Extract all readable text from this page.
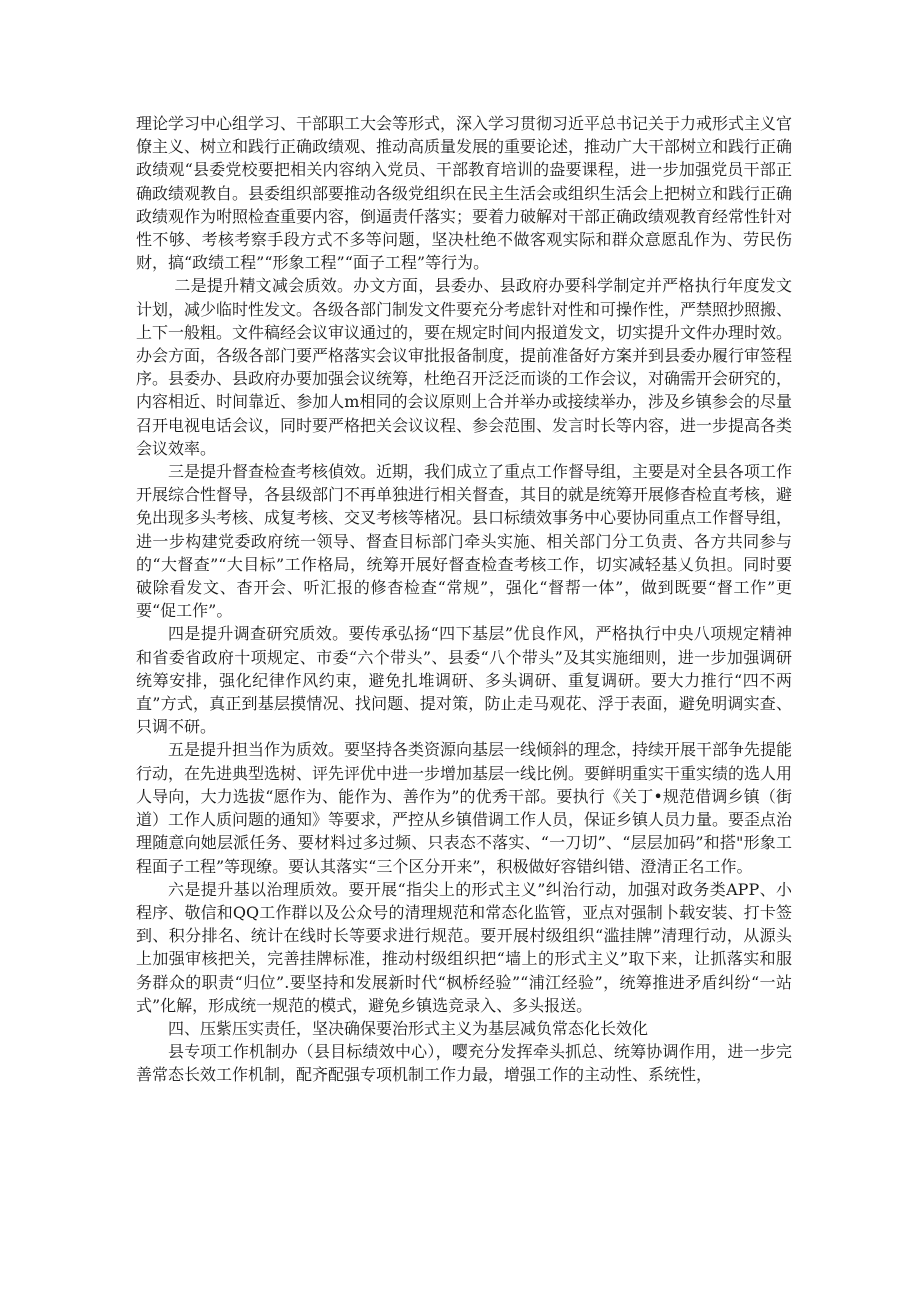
理论学习中心组学习、干部职工大会等形式，深入学习贯彻习近平总书记关于力戒形式主义官僚主义、树立和践行正确政绩观、推动高质量发展的重要论述，推动广大干部树立和践行正确政绩观“县委党校要把相关内容纳入党员、干部教育培训的盎要课程，进一步加强党员干部正确政绩观教自。县委组织部要推动各级党组织在民主生活会或组织生活会上把树立和践行正确政绩观作为咐照检查重要内容，倒逼责仟落实；要着力破解对干部正确政绩观教育经常性针对性不够、考核考察手段方式不多等问题，坚决杜绝不做客观实际和群众意愿乱作为、劳民伤财，搞“政绩工程”“形象工程”“面子工程”等行为。

二是提升精文减会质效。办文方面，县委办、县政府办要科学制定并严格执行年度发文计划，减少临时性发文。各级各部门制发文件要充分考虑针对性和可操作性，严禁照抄照搬、上下一般粗。文件稿经会议审议通过的，要在规定时间内报道发文，切实提升文件办理时效。办会方面，各级各部门要严格落实会议审批报备制度，提前准备好方案并到县委办履行审签程序。县委办、县政府办要加强会议统筹，杜绝召开泛泛而谈的工作会议，对确需开会研究的，内容相近、时间靠近、参加人m相同的会议原则上合并举办或接续举办，涉及乡镇参会的尽量召开电视电话会议，同时要严格把关会议议程、参会范围、发言时长等内容，进一步提高各类会议效率。

三是提升督查检查考核偵效。近期，我们成立了重点工作督导组，主要是对全县各项工作开展综合性督导，各县级部门不再单独进行相关督查，其目的就是统筹开展修杳检直考核，避免出现多头考核、成复考核、交叉考核等楮况。县口标绩效事务中心要协同重点工作督导组，进一步构建党委政府统一领导、督查目标部门牵头实施、相关部门分工负责、各方共同参与的“大督查”“大目标”工作格局，统筹开展好督查检查考核工作，切实减轻基乂负担。同时要破除看发文、杳开会、听汇报的修杳检查“常规”，强化“督帮一体”，做到既要“督工作”更要“促工作”。

四是提升调查研究质效。要传承弘扬“四下基层”优良作风，严格执行中央八项规定精神和省委省政府十项规定、市委“六个带头”、县委“八个带头”及其实施细则，进一步加强调研统筹安排，强化纪律作风约束，避免扎堆调研、多头调研、重复调研。要大力推行“四不两直”方式，真正到基层摸情况、找问题、提对策，防止走马观花、浮于表面，避免明调实查、只调不研。

五是提升担当作为质效。要坚持各类资源向基层一线倾斜的理念，持续开展干部争先提能行动，在先进典型选树、评先评优中进一步增加基层一线比例。要鲜明重实干重实绩的选人用人导向，大力选拔“愿作为、能作为、善作为”的优秀干部。要执行《关丁•规范借调乡镇（街道）工作人质问题的通知》等要求，严控从乡镇借调工作人员，保证乡镇人员力量。要歪点治理随意向她层派任务、要材料过多过频、只表态不落实、“一刀切”、“层层加码”和搭"形象工程面子工程”等现缭。要认其落实“三个区分开来”，积极做好容错纠错、澄清正名工作。

六是提升基以治理质效。要开展“指尖上的形式主义”纠治行动，加强对政务类APP、小程序、敬信和QQ工作群以及公众号的清理规范和常态化监管，亚点对强制卜载安装、打卡签到、积分排名、统计在线时长等要求进行规范。要开展村级组织“滥挂牌”清理行动，从源头上加强审核把关，完善挂牌标准，推动村级组织把“墙上的形式主义”取下来，让抓落实和服务群众的职责“归位”.要坚持和发展新时代“枫桥经验”“浦江经验”，统筹推进矛盾纠纷“一站式”化解，形成统一规范的模式，避免乡镇选竞录入、多头报送。

四、压紫压实责任，坚决确保要治形式主义为基层减负常态化长效化

县专项工作机制办（县目标绩效中心），嘤充分发挥牵头抓总、统筹协调作用，进一步完善常态长效工作机制，配齐配强专项机制工作力最，增强工作的主动性、系统性，
